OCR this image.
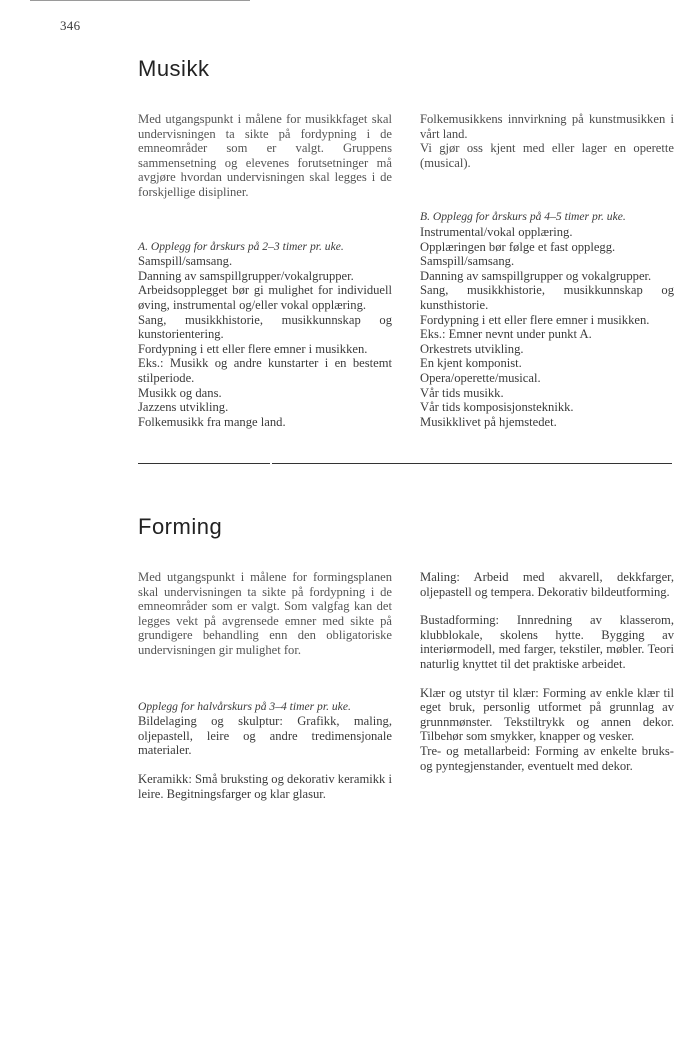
346
Musikk

Med utgangspunkt i målene for musikkfaget skal undervisningen ta sikte på fordypning i de emneområder som er valgt. Gruppens sammensetning og elevenes forutsetninger må avgjøre hvordan undervisningen skal legges i de forskjellige disipliner.

A. Opplegg for årskurs på 2–3 timer pr. uke.

Samspill/samsang.

Danning av samspillgrupper/vokalgrupper.

Arbeidsopplegget bør gi mulighet for individuell øving, instrumental og/eller vokal opplæring.

Sang, musikkhistorie, musikkunnskap og kunstorientering.

Fordypning i ett eller flere emner i musikken.

Eks.: Musikk og andre kunstarter i en bestemt stilperiode.

Musikk og dans.

Jazzens utvikling.

Folkemusikk fra mange land.

Folkemusikkens innvirkning på kunstmusikken i vårt land.

Vi gjør oss kjent med eller lager en operette (musical).

B. Opplegg for årskurs på 4–5 timer pr. uke.

Instrumental/vokal opplæring.

Opplæringen bør følge et fast opplegg.

Samspill/samsang.

Danning av samspillgrupper og vokalgrupper.

Sang, musikkhistorie, musikkunnskap og kunsthistorie.

Fordypning i ett eller flere emner i musikken.

Eks.: Emner nevnt under punkt A.

Orkestrets utvikling.

En kjent komponist.

Opera/operette/musical.

Vår tids musikk.

Vår tids komposisjonsteknikk.

Musikklivet på hjemstedet.

Forming

Med utgangspunkt i målene for formingsplanen skal undervisningen ta sikte på fordypning i de emneområder som er valgt. Som valgfag kan det legges vekt på avgrensede emner med sikte på grundigere behandling enn den obligatoriske undervisningen gir mulighet for.

Opplegg for halvårskurs på 3–4 timer pr. uke.

Bildelaging og skulptur: Grafikk, maling, oljepastell, leire og andre tredimensjonale materialer.

Keramikk: Små bruksting og dekorativ keramikk i leire. Begitningsfarger og klar glasur.

Maling: Arbeid med akvarell, dekkfarger, oljepastell og tempera. Dekorativ bildeutforming.

Bustadforming: Innredning av klasserom, klubblokale, skolens hytte. Bygging av interiørmodell, med farger, tekstiler, møbler. Teori naturlig knyttet til det praktiske arbeidet.

Klær og utstyr til klær: Forming av enkle klær til eget bruk, personlig utformet på grunnlag av grunnmønster. Tekstiltrykk og annen dekor. Tilbehør som smykker, knapper og vesker.

Tre- og metallarbeid: Forming av enkelte bruks- og pyntegjenstander, eventuelt med dekor.
